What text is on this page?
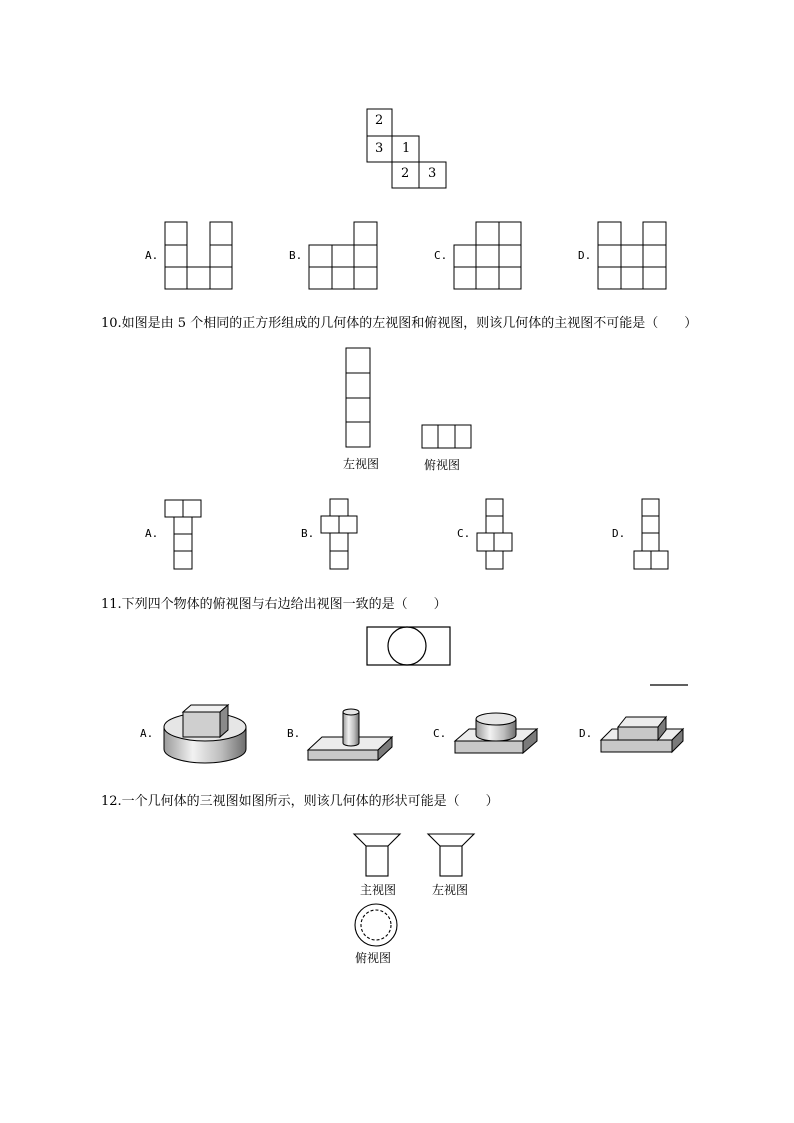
2
3 1
2 3
A.	B.	C.	D.
10.如图是由 5 个相同的正方形组成的几何体的左视图和俯视图，则该几何体的主视图不可能是（　　）
左视图	俯视图
A.	B.	C.	D.
11.下列四个物体的俯视图与右边给出视图一致的是（　　）
A.	B.	C.	D.
12.一个几何体的三视图如图所示，则该几何体的形状可能是（　　）
主视图	左视图
俯视图
